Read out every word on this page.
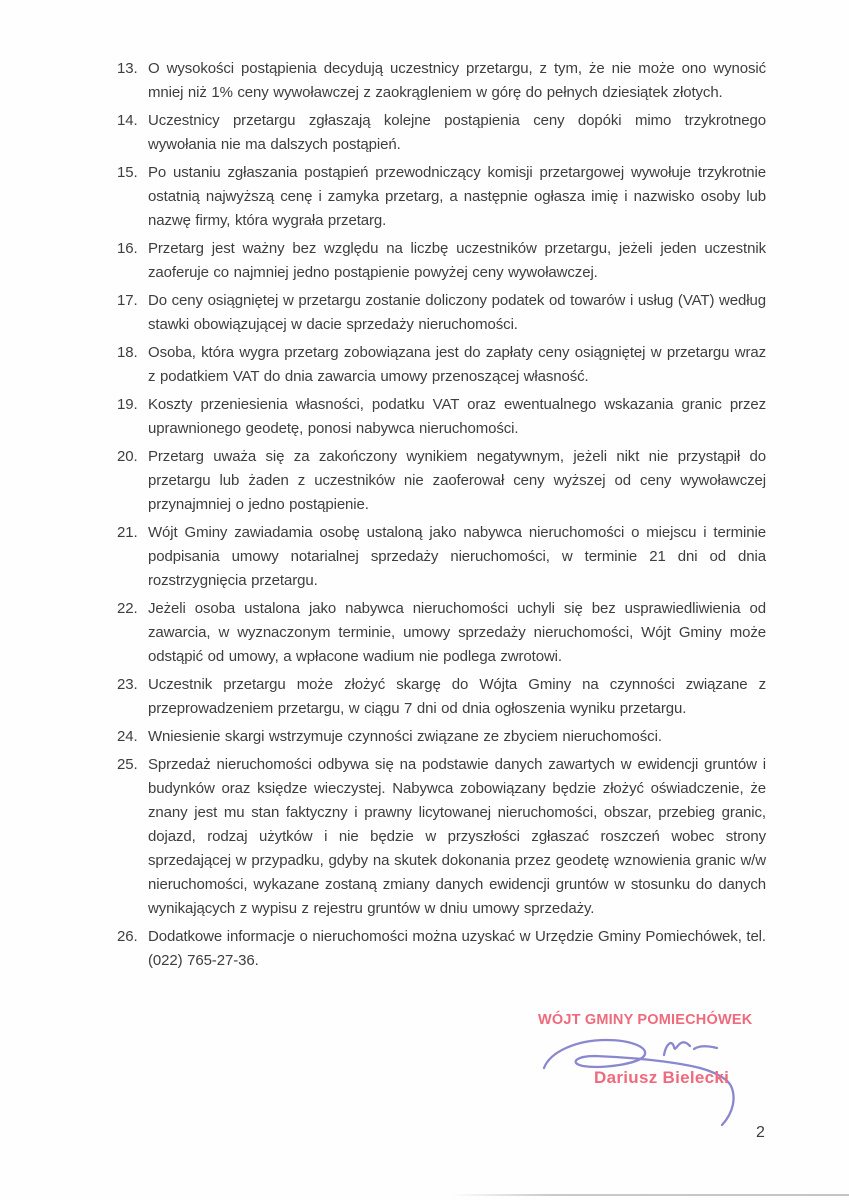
13. O wysokości postąpienia decydują uczestnicy przetargu, z tym, że nie może ono wynosić mniej niż 1% ceny wywoławczej z zaokrągleniem w górę do pełnych dziesiątek złotych.

14. Uczestnicy przetargu zgłaszają kolejne postąpienia ceny dopóki mimo trzykrotnego wywołania nie ma dalszych postąpień.

15. Po ustaniu zgłaszania postąpień przewodniczący komisji przetargowej wywołuje trzykrotnie ostatnią najwyższą cenę i zamyka przetarg, a następnie ogłasza imię i nazwisko osoby lub nazwę firmy, która wygrała przetarg.

16. Przetarg jest ważny bez względu na liczbę uczestników przetargu, jeżeli jeden uczestnik zaoferuje co najmniej jedno postąpienie powyżej ceny wywoławczej.

17. Do ceny osiągniętej w przetargu zostanie doliczony podatek od towarów i usług (VAT) według stawki obowiązującej w dacie sprzedaży nieruchomości.

18. Osoba, która wygra przetarg zobowiązana jest do zapłaty ceny osiągniętej w przetargu wraz z podatkiem VAT do dnia zawarcia umowy przenoszącej własność.

19. Koszty przeniesienia własności, podatku VAT oraz ewentualnego wskazania granic przez uprawnionego geodetę, ponosi nabywca nieruchomości.

20. Przetarg uważa się za zakończony wynikiem negatywnym, jeżeli nikt nie przystąpił do przetargu lub żaden z uczestników nie zaoferował ceny wyższej od ceny wywoławczej przynajmniej o jedno postąpienie.

21. Wójt Gminy zawiadamia osobę ustaloną jako nabywca nieruchomości o miejscu i terminie podpisania umowy notarialnej sprzedaży nieruchomości, w terminie 21 dni od dnia rozstrzygnięcia przetargu.

22. Jeżeli osoba ustalona jako nabywca nieruchomości uchyli się bez usprawiedliwienia od zawarcia, w wyznaczonym terminie, umowy sprzedaży nieruchomości, Wójt Gminy może odstąpić od umowy, a wpłacone wadium nie podlega zwrotowi.

23. Uczestnik przetargu może złożyć skargę do Wójta Gminy na czynności związane z przeprowadzeniem przetargu, w ciągu 7 dni od dnia ogłoszenia wyniku przetargu.

24. Wniesienie skargi wstrzymuje czynności związane ze zbyciem nieruchomości.

25. Sprzedaż nieruchomości odbywa się na podstawie danych zawartych w ewidencji gruntów i budynków oraz księdze wieczystej. Nabywca zobowiązany będzie złożyć oświadczenie, że znany jest mu stan faktyczny i prawny licytowanej nieruchomości, obszar, przebieg granic, dojazd, rodzaj użytków i nie będzie w przyszłości zgłaszać roszczeń wobec strony sprzedającej w przypadku, gdyby na skutek dokonania przez geodetę wznowienia granic w/w nieruchomości, wykazane zostaną zmiany danych ewidencji gruntów w stosunku do danych wynikających z wypisu z rejestru gruntów w dniu umowy sprzedaży.

26. Dodatkowe informacje o nieruchomości można uzyskać w Urzędzie Gminy Pomiechówek, tel. (022) 765-27-36.

WÓJT GMINY POMIECHÓWEK
Dariusz Bielecki
2
